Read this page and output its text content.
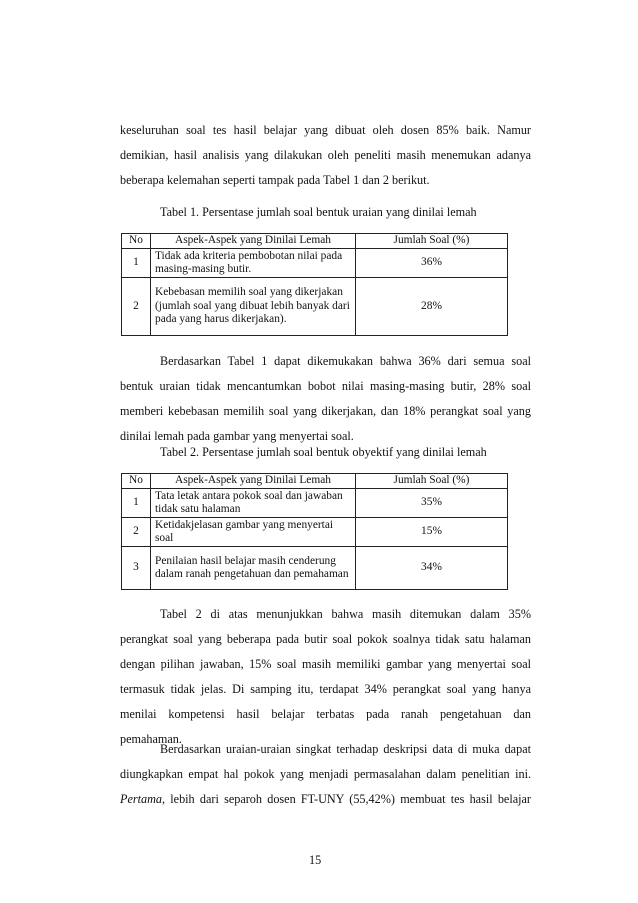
keseluruhan soal tes hasil belajar yang dibuat oleh dosen 85% baik. Namur
demikian, hasil analisis yang dilakukan oleh peneliti masih menemukan adanya
beberapa kelemahan seperti tampak pada Tabel 1 dan 2 berikut.

Tabel 1. Persentase jumlah soal bentuk uraian yang dinilai lemah

No	Aspek-Aspek yang Dinilai Lemah	Jumlah Soal (%)
1	Tidak ada kriteria pembobotan nilai pada masing-masing butir.	36%
2	Kebebasan memilih soal yang dikerjakan (jumlah soal yang dibuat lebih banyak dari pada yang harus dikerjakan).	28%
Berdasarkan Tabel 1 dapat dikemukakan bahwa 36% dari semua soal
bentuk uraian tidak mencantumkan bobot nilai masing-masing butir, 28% soal
memberi kebebasan memilih soal yang dikerjakan, dan 18% perangkat soal yang
dinilai lemah pada gambar yang menyertai soal.

Tabel 2. Persentase jumlah soal bentuk obyektif yang dinilai lemah

No	Aspek-Aspek yang Dinilai Lemah	Jumlah Soal (%)
1	Tata letak antara pokok soal dan jawaban tidak satu halaman	35%
2	Ketidakjelasan gambar yang menyertai soal	15%
3	Penilaian hasil belajar masih cenderung dalam ranah pengetahuan dan pemahaman	34%
Tabel 2 di atas menunjukkan bahwa masih ditemukan dalam 35%
perangkat soal yang beberapa pada butir soal pokok soalnya tidak satu halaman
dengan pilihan jawaban, 15% soal masih memiliki gambar yang menyertai soal
termasuk tidak jelas. Di samping itu, terdapat 34% perangkat soal yang hanya
menilai kompetensi hasil belajar terbatas pada ranah pengetahuan dan
pemahaman.
Berdasarkan uraian-uraian singkat terhadap deskripsi data di muka dapat
diungkapkan empat hal pokok yang menjadi permasalahan dalam penelitian ini.
Pertama, lebih dari separoh dosen FT-UNY (55,42%) membuat tes hasil belajar

15
